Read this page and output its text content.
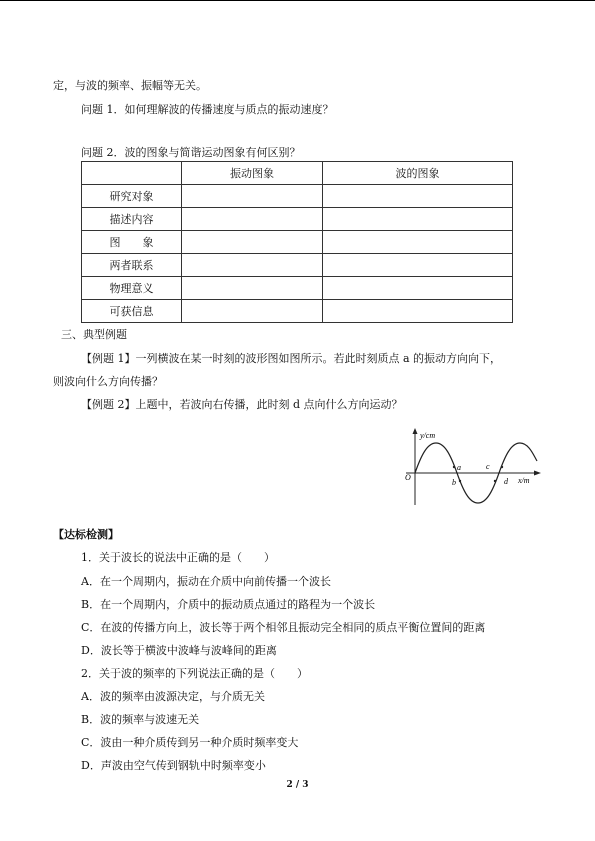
定，与波的频率、振幅等无关。
问题 1．如何理解波的传播速度与质点的振动速度？
问题 2．波的图象与简谐运动图象有何区别？
	振动图象	波的图象
研究对象		
描述内容		
图　　象		
两者联系		
物理意义		
可获信息		
三、典型例题
【例题 1】一列横波在某一时刻的波形图如图所示。若此时刻质点 a 的振动方向向下，
则波向什么方向传播？
【例题 2】上题中，若波向右传播，此时刻 d 点向什么方向运动？
y/cm
x/m
O
a
b
c
d
【达标检测】
1．关于波长的说法中正确的是（　　）
A．在一个周期内，振动在介质中向前传播一个波长
B．在一个周期内，介质中的振动质点通过的路程为一个波长
C．在波的传播方向上，波长等于两个相邻且振动完全相同的质点平衡位置间的距离
D．波长等于横波中波峰与波峰间的距离
2．关于波的频率的下列说法正确的是（　　）
A．波的频率由波源决定，与介质无关
B．波的频率与波速无关
C．波由一种介质传到另一种介质时频率变大
D．声波由空气传到钢轨中时频率变小
2 / 3
